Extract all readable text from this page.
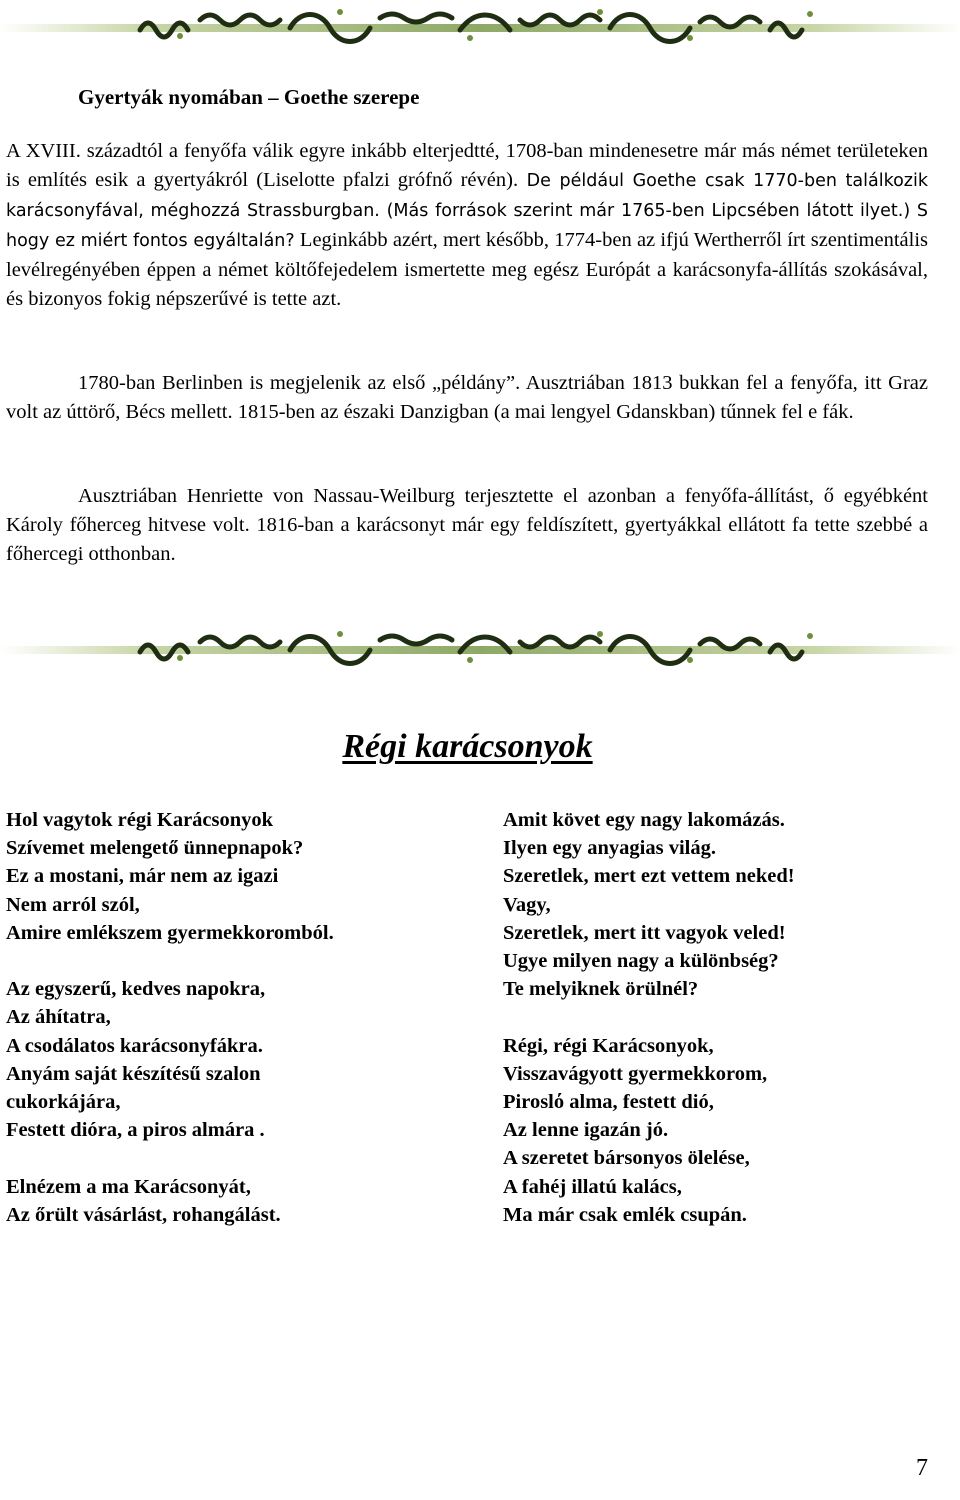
Gyertyák nyomában – Goethe szerepe
A XVIII. századtól a fenyőfa válik egyre inkább elterjedtté, 1708-ban mindenesetre már más német területeken is említés esik a gyertyákról (Liselotte pfalzi grófnő révén). De például Goethe csak 1770-ben találkozik karácsonyfával, méghozzá Strassburgban. (Más források szerint már 1765-ben Lipcsében látott ilyet.) S hogy ez miért fontos egyáltalán? Leginkább azért, mert később, 1774-ben az ifjú Wertherről írt szentimentális levélregényében éppen a német költőfejedelem ismertette meg egész Európát a karácsonyfa-állítás szokásával, és bizonyos fokig népszerűvé is tette azt.
1780-ban Berlinben is megjelenik az első „példány”. Ausztriában 1813 bukkan fel a fenyőfa, itt Graz volt az úttörő, Bécs mellett. 1815-ben az északi Danzigban (a mai lengyel Gdanskban) tűnnek fel e fák.
Ausztriában Henriette von Nassau-Weilburg terjesztette el azonban a fenyőfa-állítást, ő egyébként Károly főherceg hitvese volt. 1816-ban a karácsonyt már egy feldíszített, gyertyákkal ellátott fa tette szebbé a főhercegi otthonban.
Régi karácsonyok
Hol vagytok régi Karácsonyok
Szívemet melengető ünnepnapok?
Ez a mostani, már nem az igazi
Nem arról szól,
Amire emlékszem gyermekkoromból.
Az egyszerű, kedves napokra,
Az áhítatra,
A csodálatos karácsonyfákra.
Anyám saját készítésű szalon
cukorkájára,
Festett dióra, a piros almára .
Elnézem a ma Karácsonyát,
Az őrült vásárlást, rohangálást.
Amit követ egy nagy lakomázás.
Ilyen egy anyagias világ.
Szeretlek, mert ezt vettem neked!
Vagy,
Szeretlek, mert itt vagyok veled!
Ugye milyen nagy a különbség?
Te melyiknek örülnél?
Régi, régi Karácsonyok,
Visszavágyott gyermekkorom,
Piroslό alma, festett dió,
Az lenne igazán jó.
A szeretet bársonyos ölelése,
A fahéj illatú kalács,
Ma már csak emlék csupán.
7
